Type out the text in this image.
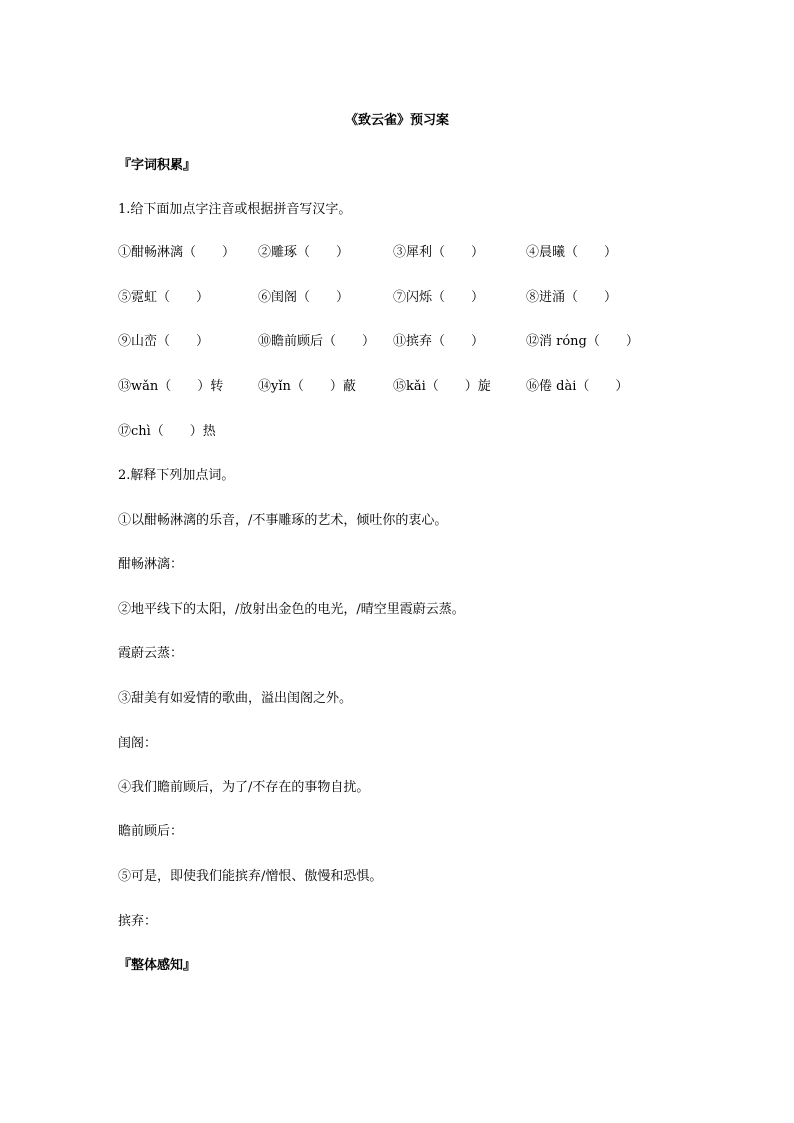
《致云雀》预习案
『字词积累』
1.给下面加点字注音或根据拼音写汉字。
①酣畅淋漓（　　） ②雕琢（　　）	③犀利（　　）	④晨曦（　　）
⑤霓虹（　　）	⑥闺阁（　　）	⑦闪烁（　　）	⑧迸涌（　　）
⑨山峦（　　）	⑩瞻前顾后（　　） ⑪摈弃（　　）	⑫消 róng（　　）
⑬wǎn（　　）转	⑭yǐn（　　）蔽	⑮kǎi（　　）旋	⑯倦 dài（　　）
⑰chì（　　）热
2.解释下列加点词。
①以酣畅淋漓的乐音，/不事雕琢的艺术，倾吐你的衷心。
酣畅淋漓：
②地平线下的太阳，/放射出金色的电光，/晴空里霞蔚云蒸。
霞蔚云蒸：
③甜美有如爱情的歌曲，溢出闺阁之外。
闺阁：
④我们瞻前顾后，为了/不存在的事物自扰。
瞻前顾后：
⑤可是，即使我们能摈弃/憎恨、傲慢和恐惧。
摈弃：
『整体感知』
